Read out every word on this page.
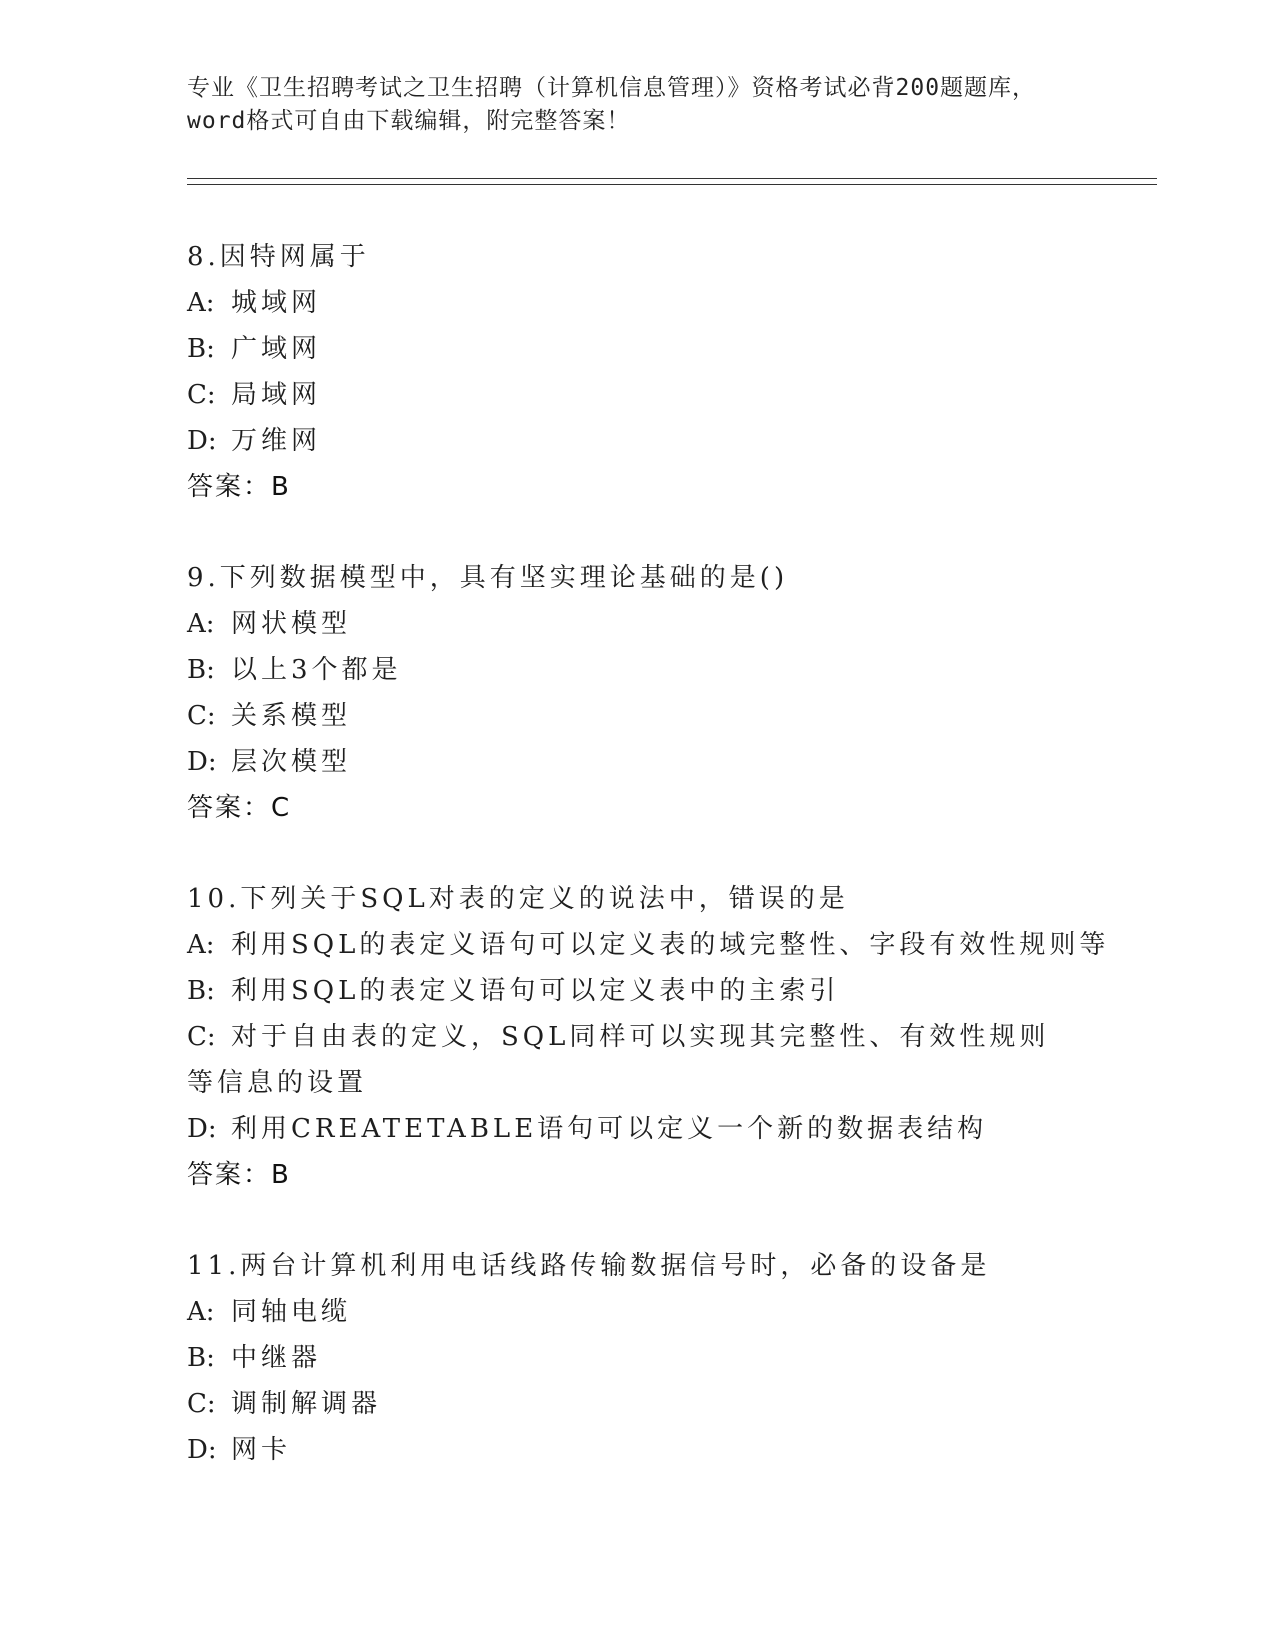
专业《卫生招聘考试之卫生招聘（计算机信息管理）》资格考试必背200题题库，
word格式可自由下载编辑，附完整答案！
8.因特网属于
A: 城域网
B: 广域网
C: 局域网
D: 万维网
答案：B
9.下列数据模型中，具有坚实理论基础的是()
A: 网状模型
B: 以上3个都是
C: 关系模型
D: 层次模型
答案：C
10.下列关于SQL对表的定义的说法中，错误的是
A: 利用SQL的表定义语句可以定义表的域完整性、字段有效性规则等
B: 利用SQL的表定义语句可以定义表中的主索引
C: 对于自由表的定义，SQL同样可以实现其完整性、有效性规则等信息的设置
D: 利用CREATETABLE语句可以定义一个新的数据表结构
答案：B
11.两台计算机利用电话线路传输数据信号时，必备的设备是
A: 同轴电缆
B: 中继器
C: 调制解调器
D: 网卡
